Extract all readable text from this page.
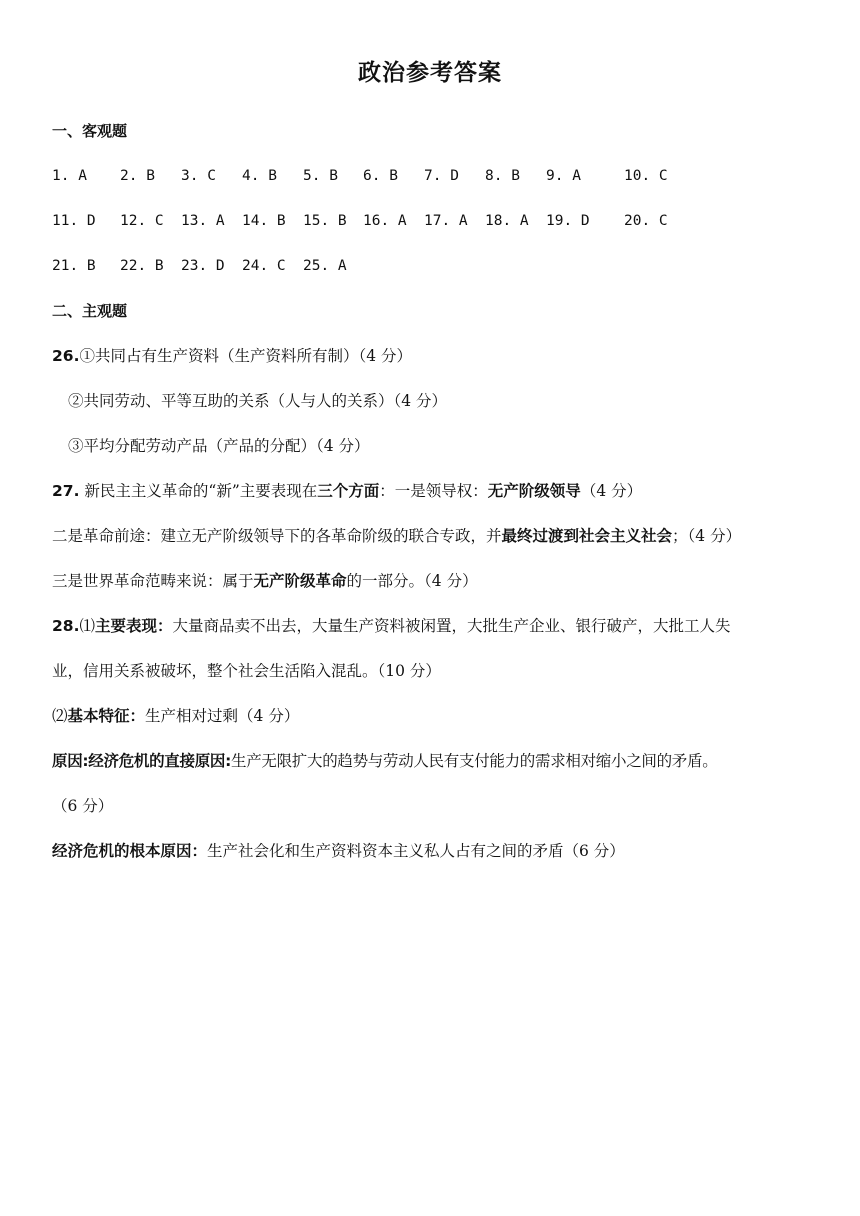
政治参考答案
一、客观题
1. A 2. B 3. C 4. B 5. B 6. B 7. D 8. B 9. A	10. C
11. D 12. C 13. A 14. B 15. B 16. A 17. A 18. A 19. D 20. C
21. B 22. B 23. D 24. C 25. A
二、主观题
26.①共同占有生产资料（生产资料所有制）（4 分）
②共同劳动、平等互助的关系（人与人的关系）（4 分）
③平均分配劳动产品（产品的分配）（4 分）
27. 新民主主义革命的“新”主要表现在三个方面：一是领导权：无产阶级领导（4 分）
二是革命前途：建立无产阶级领导下的各革命阶级的联合专政，并最终过渡到社会主义社会；（4 分）
三是世界革命范畴来说：属于无产阶级革命的一部分。（4 分）
28.⑴主要表现：大量商品卖不出去，大量生产资料被闲置，大批生产企业、银行破产，大批工人失
业，信用关系被破坏，整个社会生活陷入混乱。（10 分）
⑵基本特征：生产相对过剩（4 分）
原因:经济危机的直接原因:生产无限扩大的趋势与劳动人民有支付能力的需求相对缩小之间的矛盾。
（6 分）
经济危机的根本原因：生产社会化和生产资料资本主义私人占有之间的矛盾（6 分）
